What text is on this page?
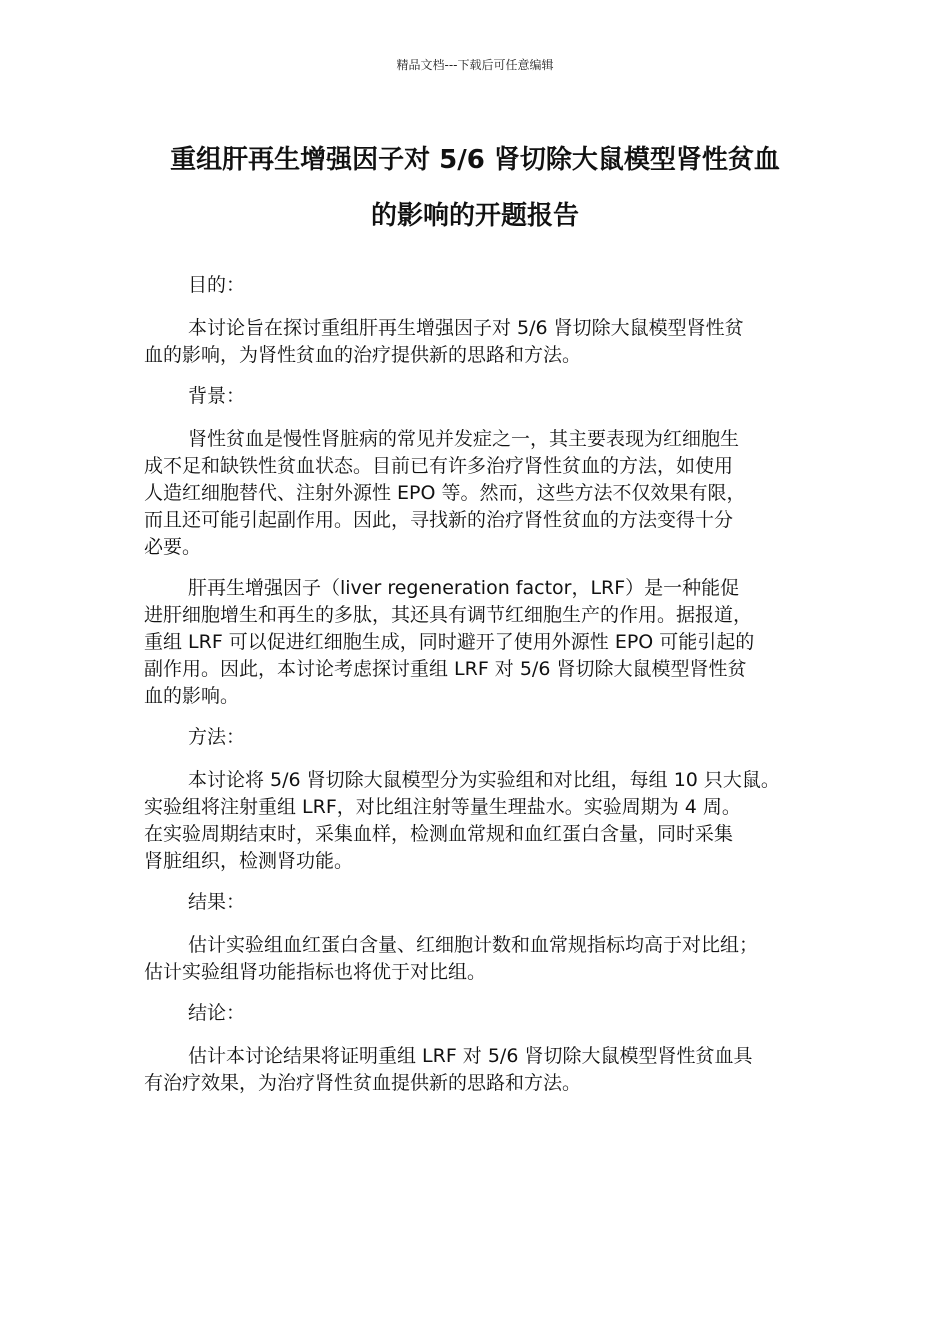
精品文档---下载后可任意编辑
重组肝再生增强因子对 5/6 肾切除大鼠模型肾性贫血
的影响的开题报告

目的：

本讨论旨在探讨重组肝再生增强因子对 5/6 肾切除大鼠模型肾性贫
血的影响，为肾性贫血的治疗提供新的思路和方法。

背景：

肾性贫血是慢性肾脏病的常见并发症之一，其主要表现为红细胞生
成不足和缺铁性贫血状态。目前已有许多治疗肾性贫血的方法，如使用
人造红细胞替代、注射外源性 EPO 等。然而，这些方法不仅效果有限，
而且还可能引起副作用。因此，寻找新的治疗肾性贫血的方法变得十分
必要。

肝再生增强因子（liver regeneration factor，LRF）是一种能促
进肝细胞增生和再生的多肽，其还具有调节红细胞生产的作用。据报道，
重组 LRF 可以促进红细胞生成，同时避开了使用外源性 EPO 可能引起的
副作用。因此，本讨论考虑探讨重组 LRF 对 5/6 肾切除大鼠模型肾性贫
血的影响。

方法：

本讨论将 5/6 肾切除大鼠模型分为实验组和对比组，每组 10 只大鼠。
实验组将注射重组 LRF，对比组注射等量生理盐水。实验周期为 4 周。
在实验周期结束时，采集血样，检测血常规和血红蛋白含量，同时采集
肾脏组织，检测肾功能。

结果：

估计实验组血红蛋白含量、红细胞计数和血常规指标均高于对比组；
估计实验组肾功能指标也将优于对比组。

结论：

估计本讨论结果将证明重组 LRF 对 5/6 肾切除大鼠模型肾性贫血具
有治疗效果，为治疗肾性贫血提供新的思路和方法。
